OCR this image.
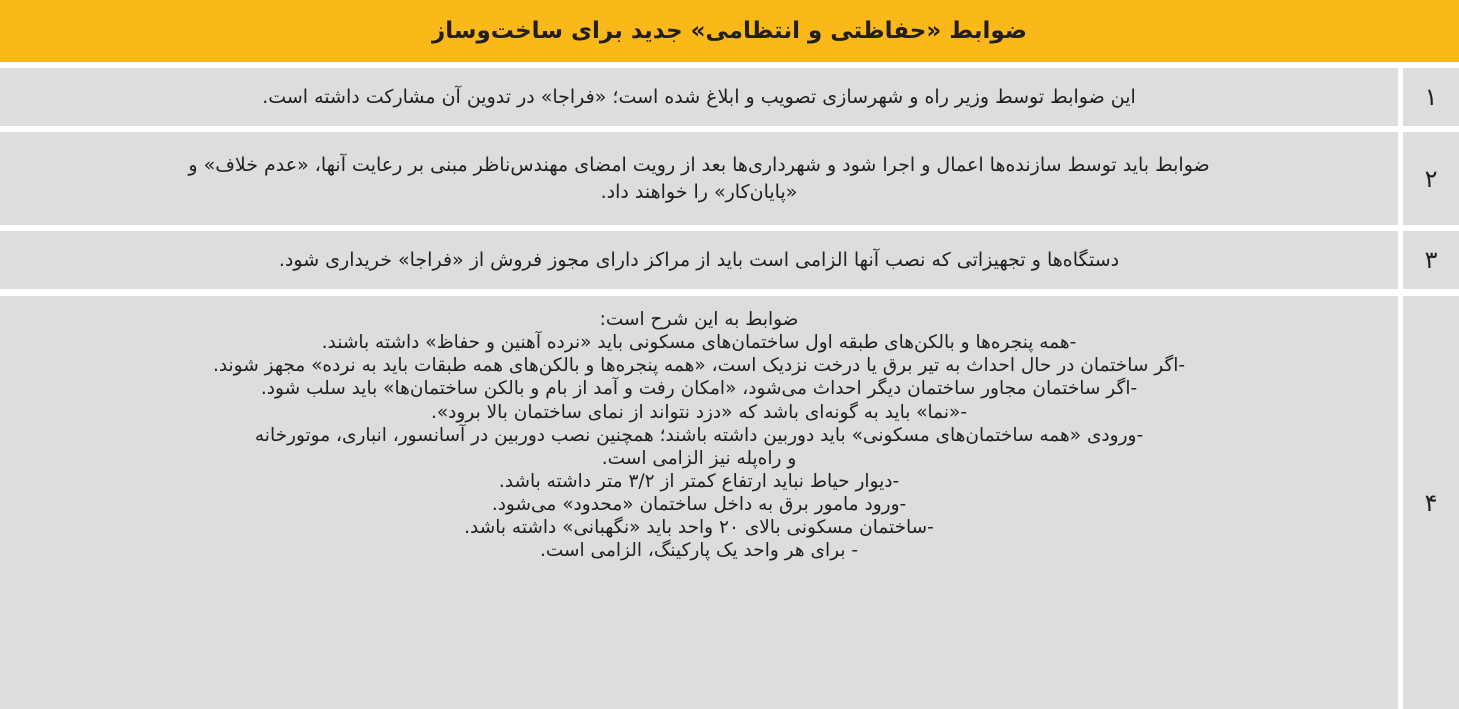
ضوابط «حفاظتی و انتظامی» جدید برای ساخت‌وساز
۱
این ضوابط توسط وزیر راه و شهرسازی تصویب و ابلاغ شده است؛ «فراجا» در تدوین آن مشارکت داشته است.
۲
ضوابط باید توسط سازنده‌ها اعمال و اجرا شود و شهرداری‌ها بعد از رویت امضای مهندس‌ناظر مبنی بر رعایت آنها، «عدم خلاف» و
«پایان‌کار» را خواهند داد.
۳
دستگاه‌ها و تجهیزاتی که نصب آنها الزامی است باید از مراکز دارای مجوز فروش از «فراجا» خریداری شود.
۴
ضوابط به این شرح است:
-همه پنجره‌ها و بالکن‌های طبقه اول ساختمان‌های مسکونی باید «نرده آهنین و حفاظ» داشته باشند.
-اگر ساختمان در حال احداث به تیر برق یا درخت نزدیک است، «همه پنجره‌ها و بالکن‌های همه طبقات باید به نرده» مجهز شوند.
-اگر ساختمان مجاور ساختمان دیگر احداث می‌شود، «امکان رفت و آمد از بام و بالکن ساختمان‌ها» باید سلب شود.
-«نما» باید به گونه‌ای باشد که «دزد نتواند از نمای ساختمان بالا برود».
-ورودی «همه ساختمان‌های مسکونی» باید دوربین داشته باشند؛ همچنین نصب دوربین در آسانسور، انباری، موتورخانه
و راه‌پله نیز الزامی است.
-دیوار حیاط نباید ارتفاع کمتر از ۳/۲ متر داشته باشد.
-ورود مامور برق به داخل ساختمان «محدود» می‌شود.
-ساختمان مسکونی بالای ۲۰ واحد باید «نگهبانی» داشته باشد.
- برای هر واحد یک پارکینگ، الزامی است.
